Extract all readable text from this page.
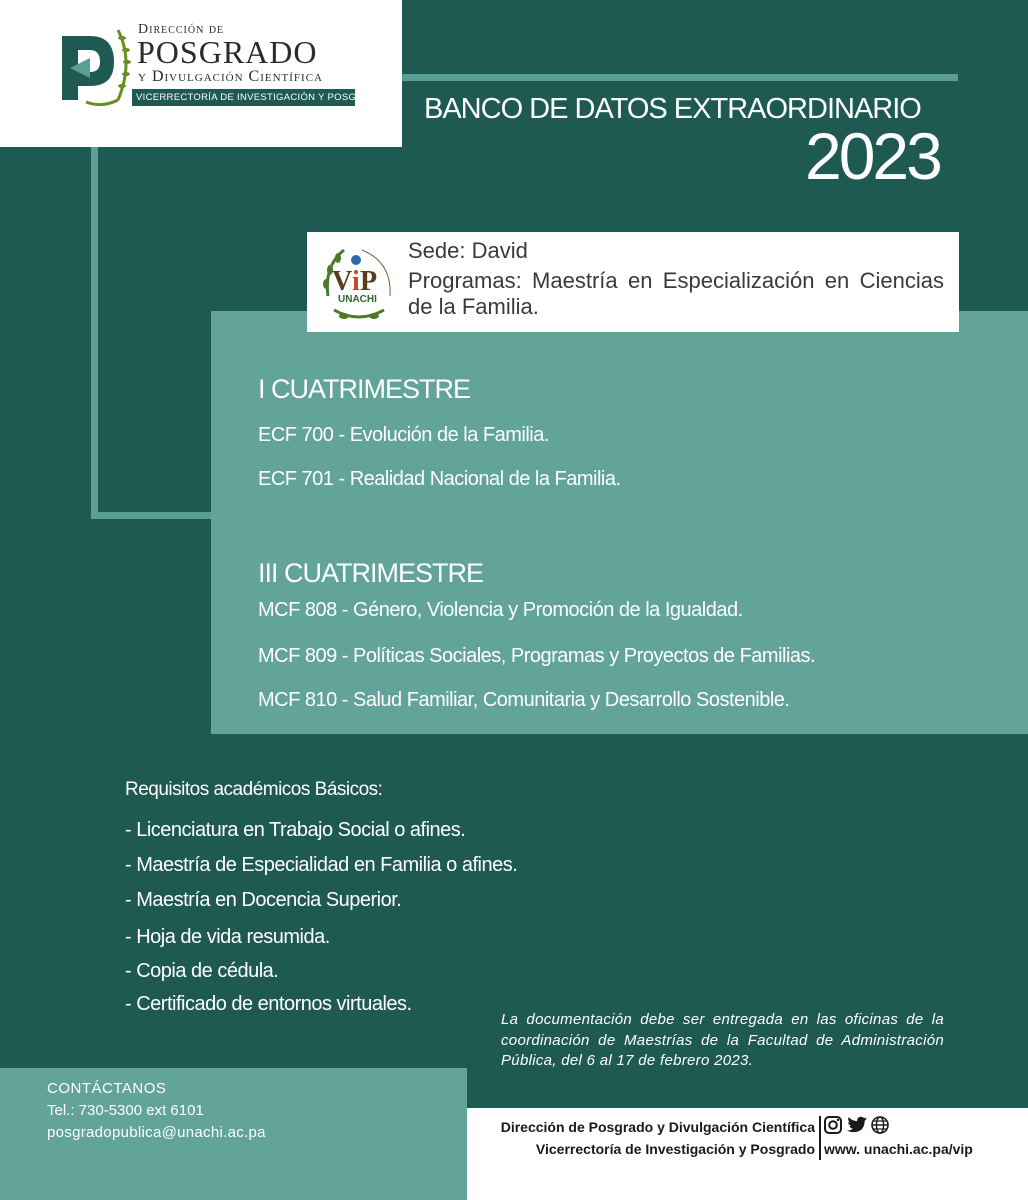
Dirección de
POSGRADO
y Divulgación Científica
VICERRECTORÍA DE INVESTIGACIÓN Y POSGRADO BANCO DE DATOS EXTRAORDINARIO
2023
V i P
UNACHI
Sede: David
Programas: Maestría en Especialización en Ciencias de la Familia.
I CUATRIMESTRE
ECF 700 - Evolución de la Familia.
ECF 701 - Realidad Nacional de la Familia.
III CUATRIMESTRE
MCF 808 - Género, Violencia y Promoción de la Igualdad.
MCF 809 - Políticas Sociales, Programas y Proyectos de Familias.
MCF 810 - Salud Familiar, Comunitaria y Desarrollo Sostenible.
Requisitos académicos Básicos:
- Licenciatura en Trabajo Social o afines.
- Maestría de Especialidad en Familia o afines.
- Maestría en Docencia Superior.
- Hoja de vida resumida.
- Copia de cédula.
- Certificado de entornos virtuales.
La documentación debe ser entregada en las oficinas de la coordinación de Maestrías de la Facultad de Administración Pública, del 6 al 17 de febrero 2023.
CONTÁCTANOS
Tel.: 730-5300 ext 6101
posgradopublica@unachi.ac.pa	Dirección de Posgrado y Divulgación Científica
Vicerrectoría de Investigación y Posgrado www. unachi.ac.pa/vip
